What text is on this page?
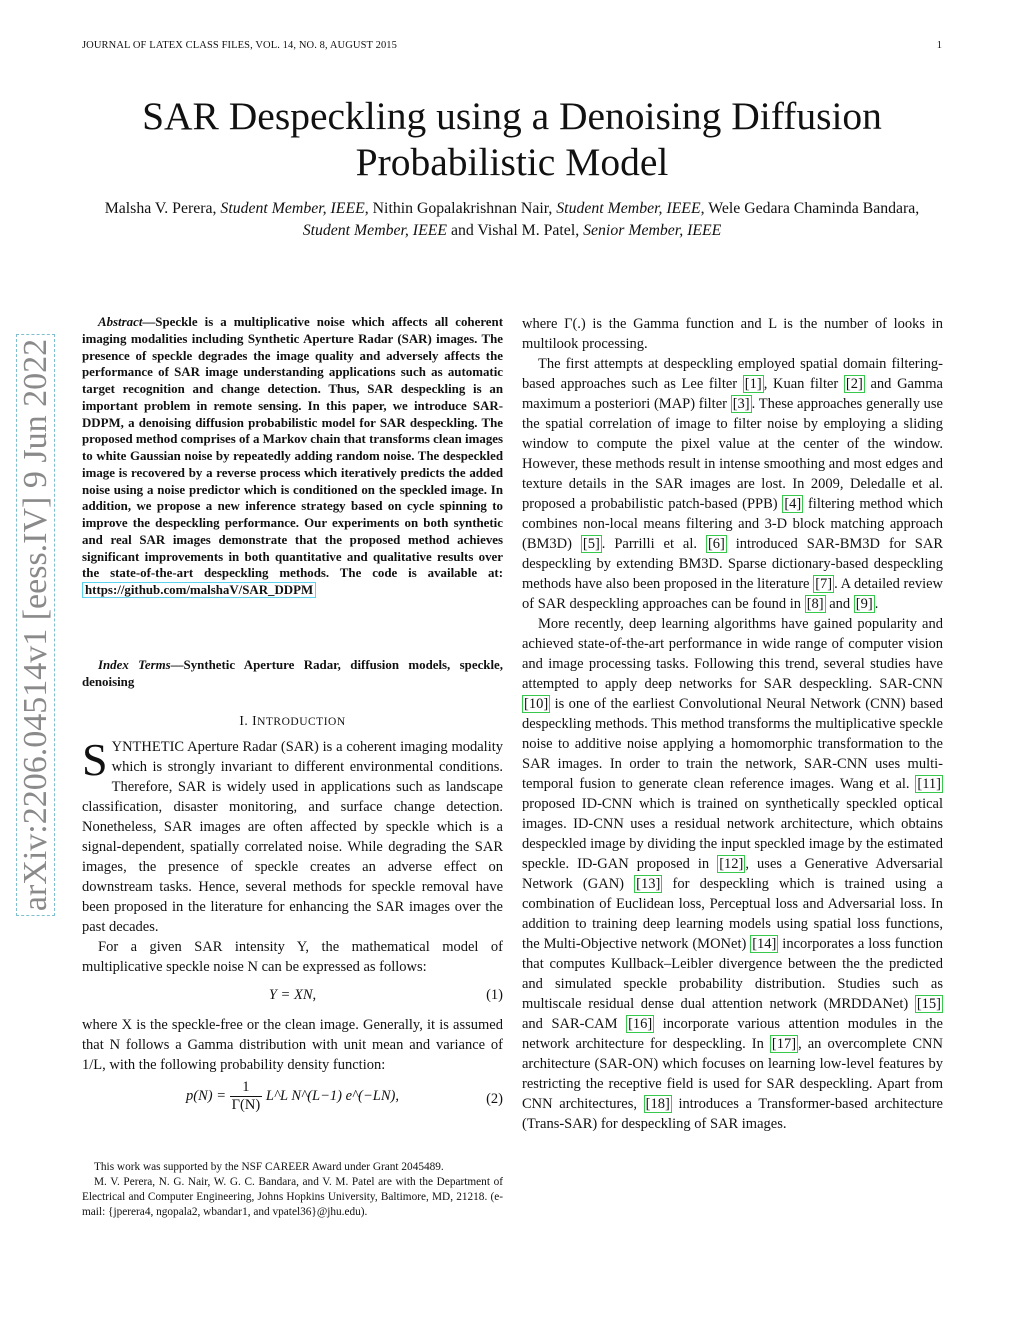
JOURNAL OF LATEX CLASS FILES, VOL. 14, NO. 8, AUGUST 2015	1
SAR Despeckling using a Denoising Diffusion Probabilistic Model
Malsha V. Perera, Student Member, IEEE, Nithin Gopalakrishnan Nair, Student Member, IEEE, Wele Gedara Chaminda Bandara, Student Member, IEEE and Vishal M. Patel, Senior Member, IEEE
arXiv:2206.04514v1 [eess.IV] 9 Jun 2022
Abstract—Speckle is a multiplicative noise which affects all coherent imaging modalities including Synthetic Aperture Radar (SAR) images. The presence of speckle degrades the image quality and adversely affects the performance of SAR image understanding applications such as automatic target recognition and change detection. Thus, SAR despeckling is an important problem in remote sensing. In this paper, we introduce SAR-DDPM, a denoising diffusion probabilistic model for SAR despeckling. The proposed method comprises of a Markov chain that transforms clean images to white Gaussian noise by repeatedly adding random noise. The despeckled image is recovered by a reverse process which iteratively predicts the added noise using a noise predictor which is conditioned on the speckled image. In addition, we propose a new inference strategy based on cycle spinning to improve the despeckling performance. Our experiments on both synthetic and real SAR images demonstrate that the proposed method achieves significant improvements in both quantitative and qualitative results over the state-of-the-art despeckling methods. The code is available at: https://github.com/malshaV/SAR_DDPM
Index Terms—Synthetic Aperture Radar, diffusion models, speckle, denoising
I. INTRODUCTION

SYNTHETIC Aperture Radar (SAR) is a coherent imaging modality which is strongly invariant to different environmental conditions. Therefore, SAR is widely used in applications such as landscape classification, disaster monitoring, and surface change detection. Nonetheless, SAR images are often affected by speckle which is a signal-dependent, spatially correlated noise. While degrading the SAR images, the presence of speckle creates an adverse effect on downstream tasks. Hence, several methods for speckle removal have been proposed in the literature for enhancing the SAR images over the past decades.

For a given SAR intensity Y, the mathematical model of multiplicative speckle noise N can be expressed as follows:

Y = XN,	(1)

where X is the speckle-free or the clean image. Generally, it is assumed that N follows a Gamma distribution with unit mean and variance of 1/L, with the following probability density function:

$p(N) = \frac{1}{\Gamma(N)}$ L^L N^(L−1) e^(−LN),	(2)

This work was supported by the NSF CAREER Award under Grant 2045489.

M. V. Perera, N. G. Nair, W. G. C. Bandara, and V. M. Patel are with the Department of Electrical and Computer Engineering, Johns Hopkins University, Baltimore, MD, 21218. (e-mail: {jperera4, ngopala2, wbandar1, and vpatel36}@jhu.edu).

where Γ(.) is the Gamma function and L is the number of looks in multilook processing.

The first attempts at despeckling employed spatial domain filtering-based approaches such as Lee filter [1] , Kuan filter [2] and Gamma maximum a posteriori (MAP) filter [3] . These approaches generally use the spatial correlation of image to filter noise by employing a sliding window to compute the pixel value at the center of the window. However, these methods result in intense smoothing and most edges and texture details in the SAR images are lost. In 2009, Deledalle et al. proposed a probabilistic patch-based (PPB) [4] filtering method which combines non-local means filtering and 3-D block matching approach (BM3D) [5] . Parrilli et al. [6] introduced SAR-BM3D for SAR despeckling by extending BM3D. Sparse dictionary-based despeckling methods have also been proposed in the literature [7] . A detailed review of SAR despeckling approaches can be found in [8] and [9] .

More recently, deep learning algorithms have gained popularity and achieved state-of-the-art performance in wide range of computer vision and image processing tasks. Following this trend, several studies have attempted to apply deep networks for SAR despeckling. SAR-CNN [10] is one of the earliest Convolutional Neural Network (CNN) based despeckling methods. This method transforms the multiplicative speckle noise to additive noise applying a homomorphic transformation to the SAR images. In order to train the network, SAR-CNN uses multi-temporal fusion to generate clean reference images. Wang et al. [11] proposed ID-CNN which is trained on synthetically speckled optical images. ID-CNN uses a residual network architecture, which obtains despeckled image by dividing the input speckled image by the estimated speckle. ID-GAN proposed in [12] , uses a Generative Adversarial Network (GAN) [13] for despeckling which is trained using a combination of Euclidean loss, Perceptual loss and Adversarial loss. In addition to training deep learning models using spatial loss functions, the Multi-Objective network (MONet) [14] incorporates a loss function that computes Kullback–Leibler divergence between the the predicted and simulated speckle probability distribution. Studies such as multiscale residual dense dual attention network (MRDDANet) [15] and SAR-CAM [16] incorporate various attention modules in the network architecture for despeckling. In [17] , an overcomplete CNN architecture (SAR-ON) which focuses on learning low-level features by restricting the receptive field is used for SAR despeckling. Apart from CNN architectures, [18] introduces a Transformer-based architecture (Trans-SAR) for despeckling of SAR images.
